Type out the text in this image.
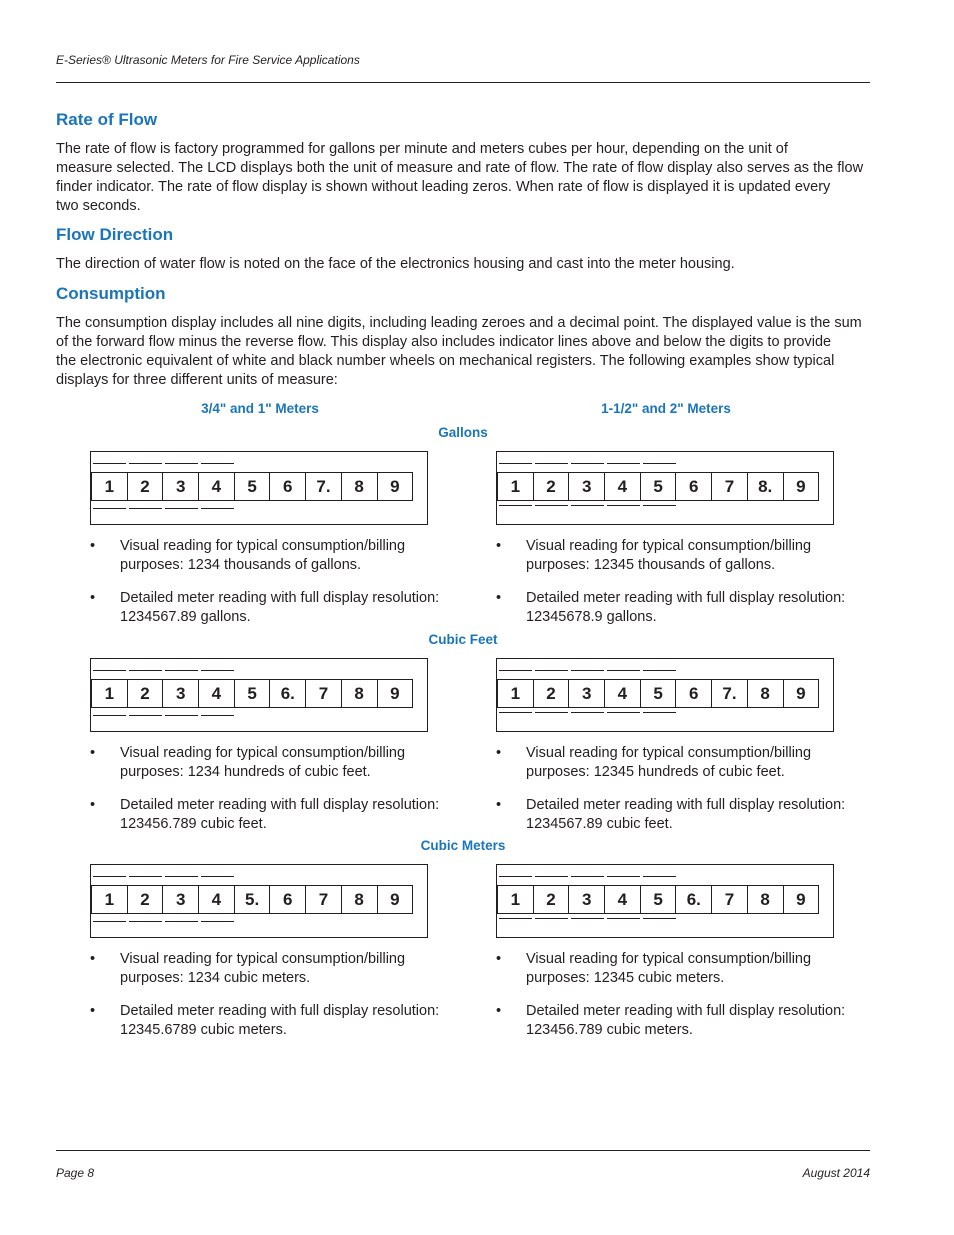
E-Series® Ultrasonic Meters for Fire Service Applications
Rate of Flow
The rate of flow is factory programmed for gallons per minute and meters cubes per hour, depending on the unit of
measure selected. The LCD displays both the unit of measure and rate of flow. The rate of flow display also serves as the flow
finder indicator. The rate of flow display is shown without leading zeros. When rate of flow is displayed it is updated every
two seconds.
Flow Direction
The direction of water flow is noted on the face of the electronics housing and cast into the meter housing.
Consumption
The consumption display includes all nine digits, including leading zeroes and a decimal point. The displayed value is the sum
of the forward flow minus the reverse flow. This display also includes indicator lines above and below the digits to provide
the electronic equivalent of white and black number wheels on mechanical registers. The following examples show typical
displays for three different units of measure:
3/4" and 1" Meters	1-1/2" and 2" Meters
Gallons
1	2	3	4	5	6	7.	8	9
• Visual reading for typical consumption/billing
purposes: 1234 thousands of gallons.
• Detailed meter reading with full display resolution:
1234567.89 gallons.
1	2	3	4	5	6	7	8.	9
• Visual reading for typical consumption/billing
purposes: 12345 thousands of gallons.
• Detailed meter reading with full display resolution:
12345678.9 gallons.
Cubic Feet
1	2	3	4	5	6.	7	8	9
• Visual reading for typical consumption/billing
purposes: 1234 hundreds of cubic feet.
• Detailed meter reading with full display resolution:
123456.789 cubic feet.
1	2	3	4	5	6	7.	8	9
• Visual reading for typical consumption/billing
purposes: 12345 hundreds of cubic feet.
• Detailed meter reading with full display resolution:
1234567.89 cubic feet.
Cubic Meters
1	2	3	4	5.	6	7	8	9
• Visual reading for typical consumption/billing
purposes: 1234 cubic meters.
• Detailed meter reading with full display resolution:
12345.6789 cubic meters.
1	2	3	4	5	6.	7	8	9
• Visual reading for typical consumption/billing
purposes: 12345 cubic meters.
• Detailed meter reading with full display resolution:
123456.789 cubic meters.
Page 8	August 2014
